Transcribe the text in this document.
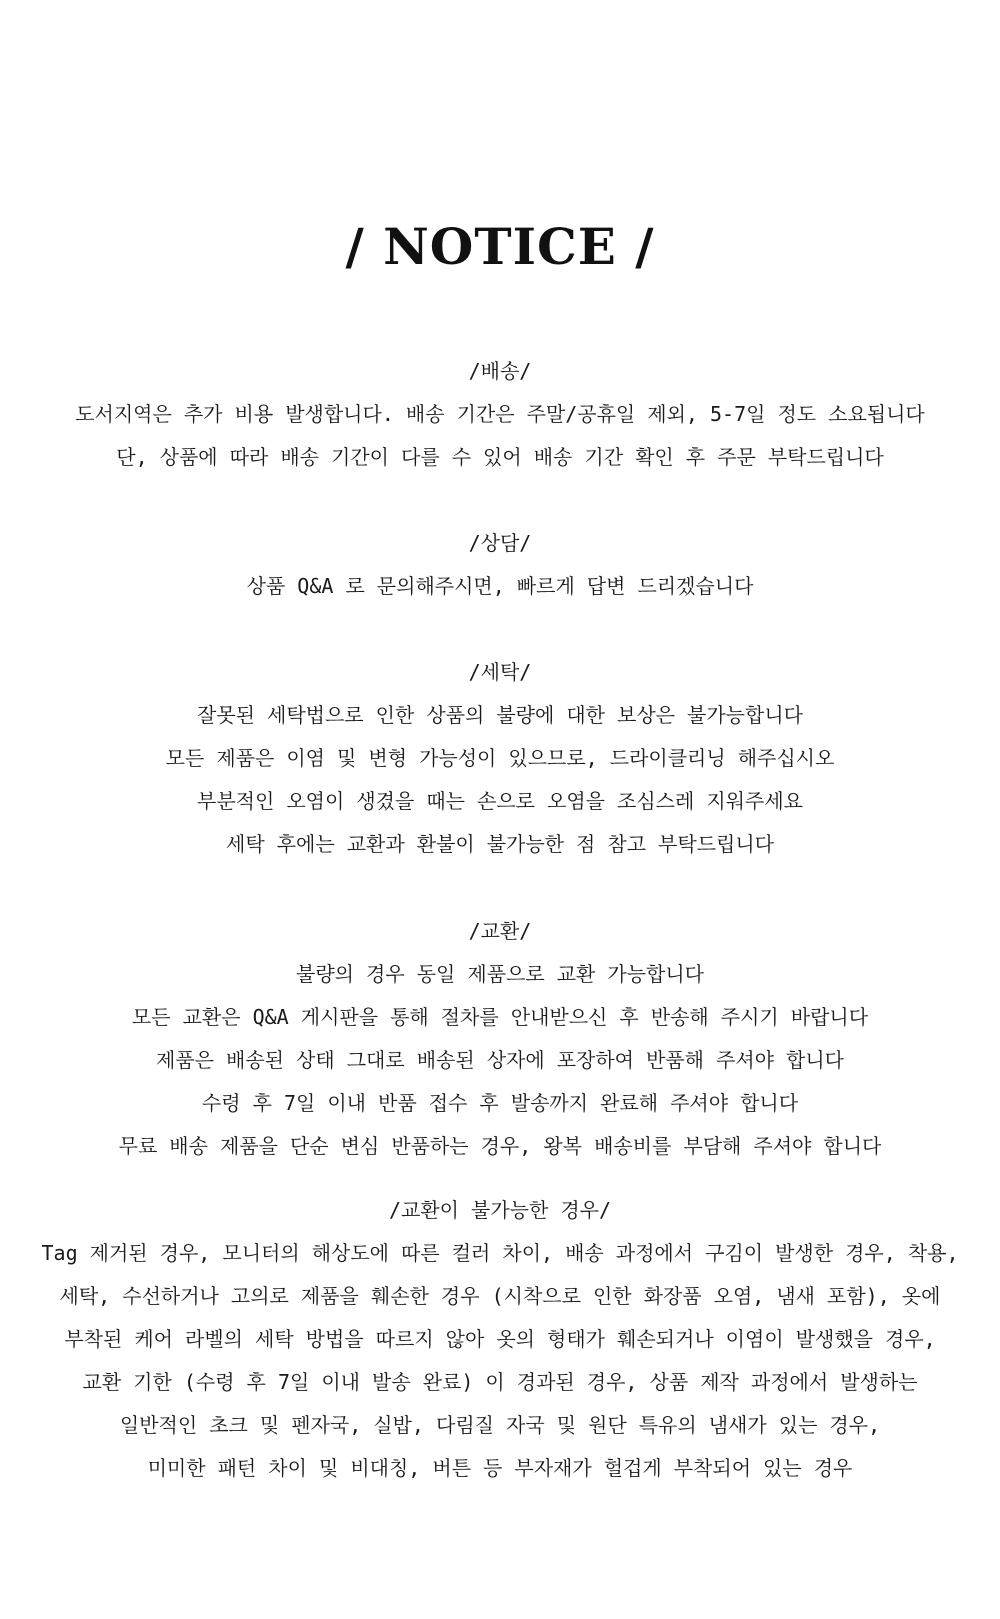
/ NOTICE /

/배송/

도서지역은 추가 비용 발생합니다. 배송 기간은 주말/공휴일 제외, 5-7일 정도 소요됩니다

단, 상품에 따라 배송 기간이 다를 수 있어 배송 기간 확인 후 주문 부탁드립니다

/상담/

상품 Q&A 로 문의해주시면, 빠르게 답변 드리겠습니다

/세탁/

잘못된 세탁법으로 인한 상품의 불량에 대한 보상은 불가능합니다

모든 제품은 이염 및 변형 가능성이 있으므로, 드라이클리닝 해주십시오

부분적인 오염이 생겼을 때는 손으로 오염을 조심스레 지워주세요

세탁 후에는 교환과 환불이 불가능한 점 참고 부탁드립니다

/교환/

불량의 경우 동일 제품으로 교환 가능합니다

모든 교환은 Q&A 게시판을 통해 절차를 안내받으신 후 반송해 주시기 바랍니다

제품은 배송된 상태 그대로 배송된 상자에 포장하여 반품해 주셔야 합니다

수령 후 7일 이내 반품 접수 후 발송까지 완료해 주셔야 합니다

무료 배송 제품을 단순 변심 반품하는 경우, 왕복 배송비를 부담해 주셔야 합니다

/교환이 불가능한 경우/

Tag 제거된 경우, 모니터의 해상도에 따른 컬러 차이, 배송 과정에서 구김이 발생한 경우, 착용,

세탁, 수선하거나 고의로 제품을 훼손한 경우 (시착으로 인한 화장품 오염, 냄새 포함), 옷에

부착된 케어 라벨의 세탁 방법을 따르지 않아 옷의 형태가 훼손되거나 이염이 발생했을 경우,

교환 기한 (수령 후 7일 이내 발송 완료) 이 경과된 경우, 상품 제작 과정에서 발생하는

일반적인 초크 및 펜자국, 실밥, 다림질 자국 및 원단 특유의 냄새가 있는 경우,

미미한 패턴 차이 및 비대칭, 버튼 등 부자재가 헐겁게 부착되어 있는 경우
